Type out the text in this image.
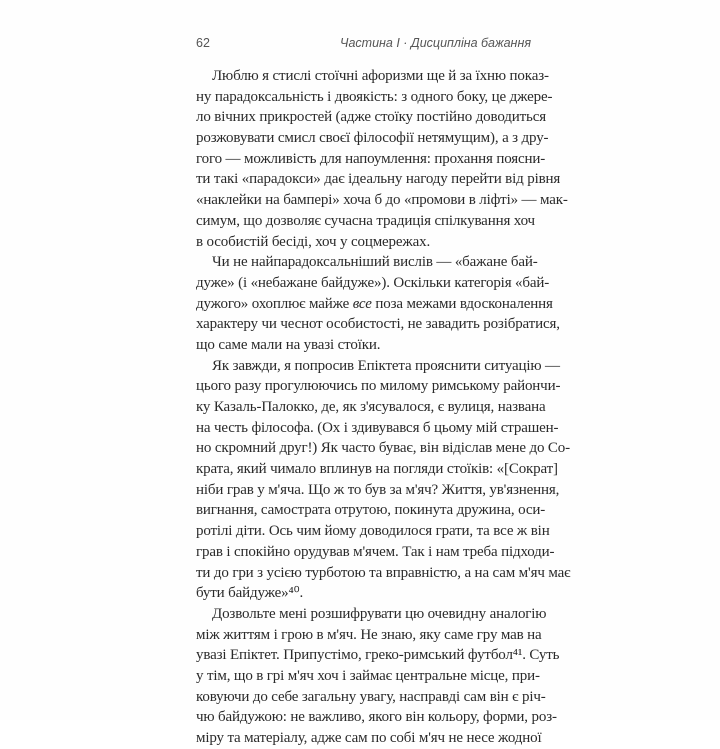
62	Частина I · Дисципліна бажання
Люблю я стислі стоїчні афоризми ще й за їхню показ-
ну парадоксальність і двоякість: з одного боку, це джере-
ло вічних прикростей (адже стоїку постійно доводиться
розжовувати смисл своєї філософії нетямущим), а з дру-
гого — можливість для напоумлення: прохання поясни-
ти такі «парадокси» дає ідеальну нагоду перейти від рівня
«наклейки на бампері» хоча б до «промови в ліфті» — мак-
симум, що дозволяє сучасна традиція спілкування хоч
в особистій бесіді, хоч у соцмережах.
Чи не найпарадоксальніший вислів — «бажане бай-
дуже» (і «небажане байдуже»). Оскільки категорія «бай-
дужого» охоплює майже все поза межами вдосконалення
характеру чи чеснот особистості, не завадить розібратися,
що саме мали на увазі стоїки.
Як завжди, я попросив Епіктета прояснити ситуацію —
цього разу прогулюючись по милому римському райончи-
ку Казаль-Палокко, де, як з'ясувалося, є вулиця, названа
на честь філософа. (Ох і здивувався б цьому мій страшен-
но скромний друг!) Як часто буває, він відіслав мене до Со-
крата, який чимало вплинув на погляди стоїків: «[Сократ]
ніби грав у м'яча. Що ж то був за м'яч? Життя, ув'язнення,
вигнання, самострата отрутою, покинута дружина, оси-
ротілі діти. Ось чим йому доводилося грати, та все ж він
грав і спокійно орудував м'ячем. Так і нам треба підходи-
ти до гри з усією турботою та вправністю, а на сам м'яч має
бути байдуже»⁴⁰.
Дозвольте мені розшифрувати цю очевидну аналогію
між життям і грою в м'яч. Не знаю, яку саме гру мав на
увазі Епіктет. Припустімо, греко-римський футбол⁴¹. Суть
у тім, що в грі м'яч хоч і займає центральне місце, при-
ковуючи до себе загальну увагу, насправді сам він є річ-
чю байдужою: не важливо, якого він кольору, форми, роз-
міру та матеріалу, адже сам по собі м'яч не несе жодної
